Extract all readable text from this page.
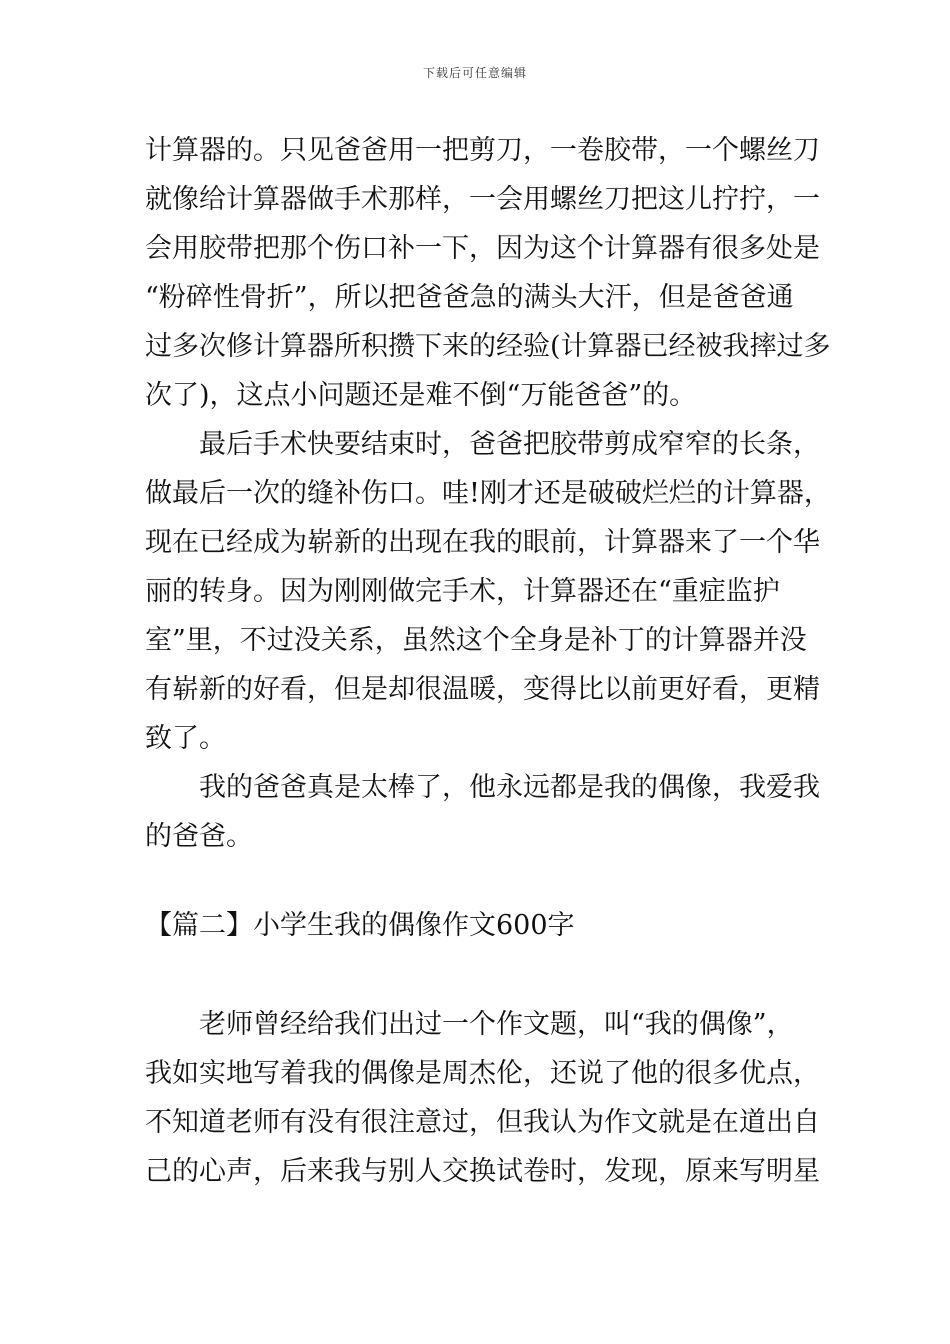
下载后可任意编辑

计算器的。只见爸爸用一把剪刀，一卷胶带，一个螺丝刀
就像给计算器做手术那样，一会用螺丝刀把这儿拧拧，一
会用胶带把那个伤口补一下，因为这个计算器有很多处是
“粉碎性骨折”，所以把爸爸急的满头大汗，但是爸爸通
过多次修计算器所积攒下来的经验(计算器已经被我摔过多
次了)，这点小问题还是难不倒“万能爸爸”的。

最后手术快要结束时，爸爸把胶带剪成窄窄的长条，
做最后一次的缝补伤口。哇!刚才还是破破烂烂的计算器，
现在已经成为崭新的出现在我的眼前，计算器来了一个华
丽的转身。因为刚刚做完手术，计算器还在“重症监护
室”里，不过没关系，虽然这个全身是补丁的计算器并没
有崭新的好看，但是却很温暖，变得比以前更好看，更精
致了。

我的爸爸真是太棒了，他永远都是我的偶像，我爱我
的爸爸。

【篇二】小学生我的偶像作文600字

老师曾经给我们出过一个作文题，叫“我的偶像”，
我如实地写着我的偶像是周杰伦，还说了他的很多优点，
不知道老师有没有很注意过，但我认为作文就是在道出自
己的心声，后来我与别人交换试卷时，发现，原来写明星
